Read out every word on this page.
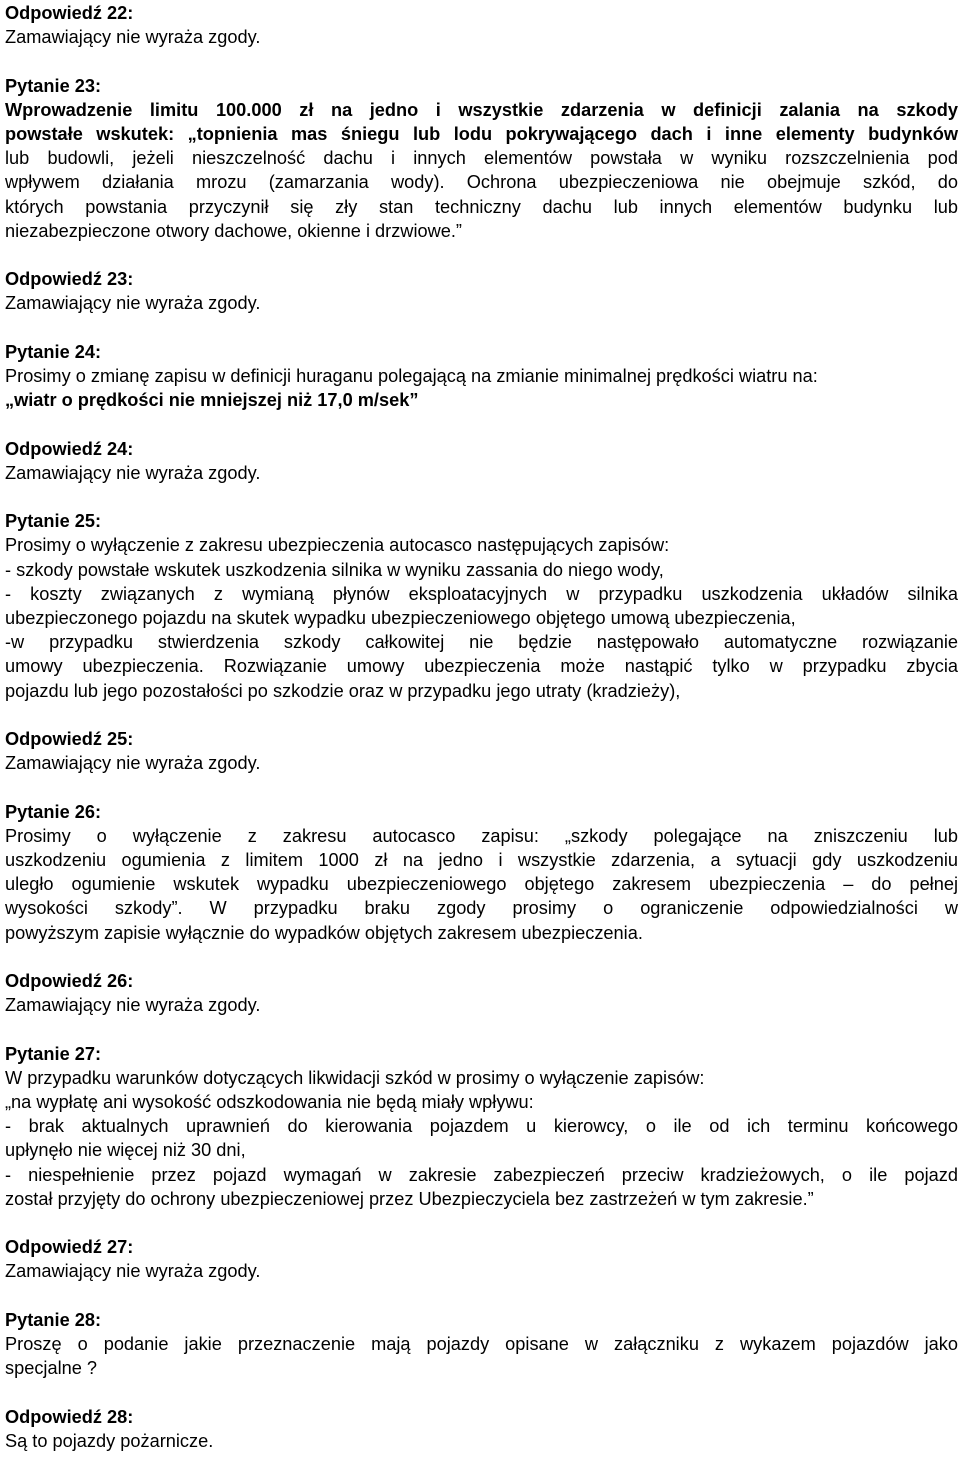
Odpowiedź 22:
Zamawiający nie wyraża zgody.
Pytanie 23:
Wprowadzenie limitu 100.000 zł na jedno i wszystkie zdarzenia w definicji zalania na szkody
powstałe wskutek: „topnienia mas śniegu lub lodu pokrywającego dach i inne elementy budynków
lub budowli, jeżeli nieszczelność dachu i innych elementów powstała w wyniku rozszczelnienia pod
wpływem działania mrozu (zamarzania wody). Ochrona ubezpieczeniowa nie obejmuje szkód, do
których powstania przyczynił się zły stan techniczny dachu lub innych elementów budynku lub
niezabezpieczone otwory dachowe, okienne i drzwiowe.”
Odpowiedź 23:
Zamawiający nie wyraża zgody.
Pytanie 24:
Prosimy o zmianę zapisu w definicji huraganu polegającą na zmianie minimalnej prędkości wiatru na:
„wiatr o prędkości nie mniejszej niż 17,0 m/sek”
Odpowiedź 24:
Zamawiający nie wyraża zgody.
Pytanie 25:
Prosimy o wyłączenie z zakresu ubezpieczenia autocasco następujących zapisów:
- szkody powstałe wskutek uszkodzenia silnika w wyniku zassania do niego wody,
- koszty związanych z wymianą płynów eksploatacyjnych w przypadku uszkodzenia układów silnika
ubezpieczonego pojazdu na skutek wypadku ubezpieczeniowego objętego umową ubezpieczenia,
-w przypadku stwierdzenia szkody całkowitej nie będzie następowało automatyczne rozwiązanie
umowy ubezpieczenia. Rozwiązanie umowy ubezpieczenia może nastąpić tylko w przypadku zbycia
pojazdu lub jego pozostałości po szkodzie oraz w przypadku jego utraty (kradzieży),
Odpowiedź 25:
Zamawiający nie wyraża zgody.
Pytanie 26:
Prosimy o wyłączenie z zakresu autocasco zapisu: „szkody polegające na zniszczeniu lub
uszkodzeniu ogumienia z limitem 1000 zł na jedno i wszystkie zdarzenia, a sytuacji gdy uszkodzeniu
uległo ogumienie wskutek wypadku ubezpieczeniowego objętego zakresem ubezpieczenia – do pełnej
wysokości szkody”. W przypadku braku zgody prosimy o ograniczenie odpowiedzialności w
powyższym zapisie wyłącznie do wypadków objętych zakresem ubezpieczenia.
Odpowiedź 26:
Zamawiający nie wyraża zgody.
Pytanie 27:
W przypadku warunków dotyczących likwidacji szkód w prosimy o wyłączenie zapisów:
„na wypłatę ani wysokość odszkodowania nie będą miały wpływu:
- brak aktualnych uprawnień do kierowania pojazdem u kierowcy, o ile od ich terminu końcowego
upłynęło nie więcej niż 30 dni,
- niespełnienie przez pojazd wymagań w zakresie zabezpieczeń przeciw kradzieżowych, o ile pojazd
został przyjęty do ochrony ubezpieczeniowej przez Ubezpieczyciela bez zastrzeżeń w tym zakresie.”
Odpowiedź 27:
Zamawiający nie wyraża zgody.
Pytanie 28:
Proszę o podanie jakie przeznaczenie mają pojazdy opisane w załączniku z wykazem pojazdów jako
specjalne ?
Odpowiedź 28:
Są to pojazdy pożarnicze.
